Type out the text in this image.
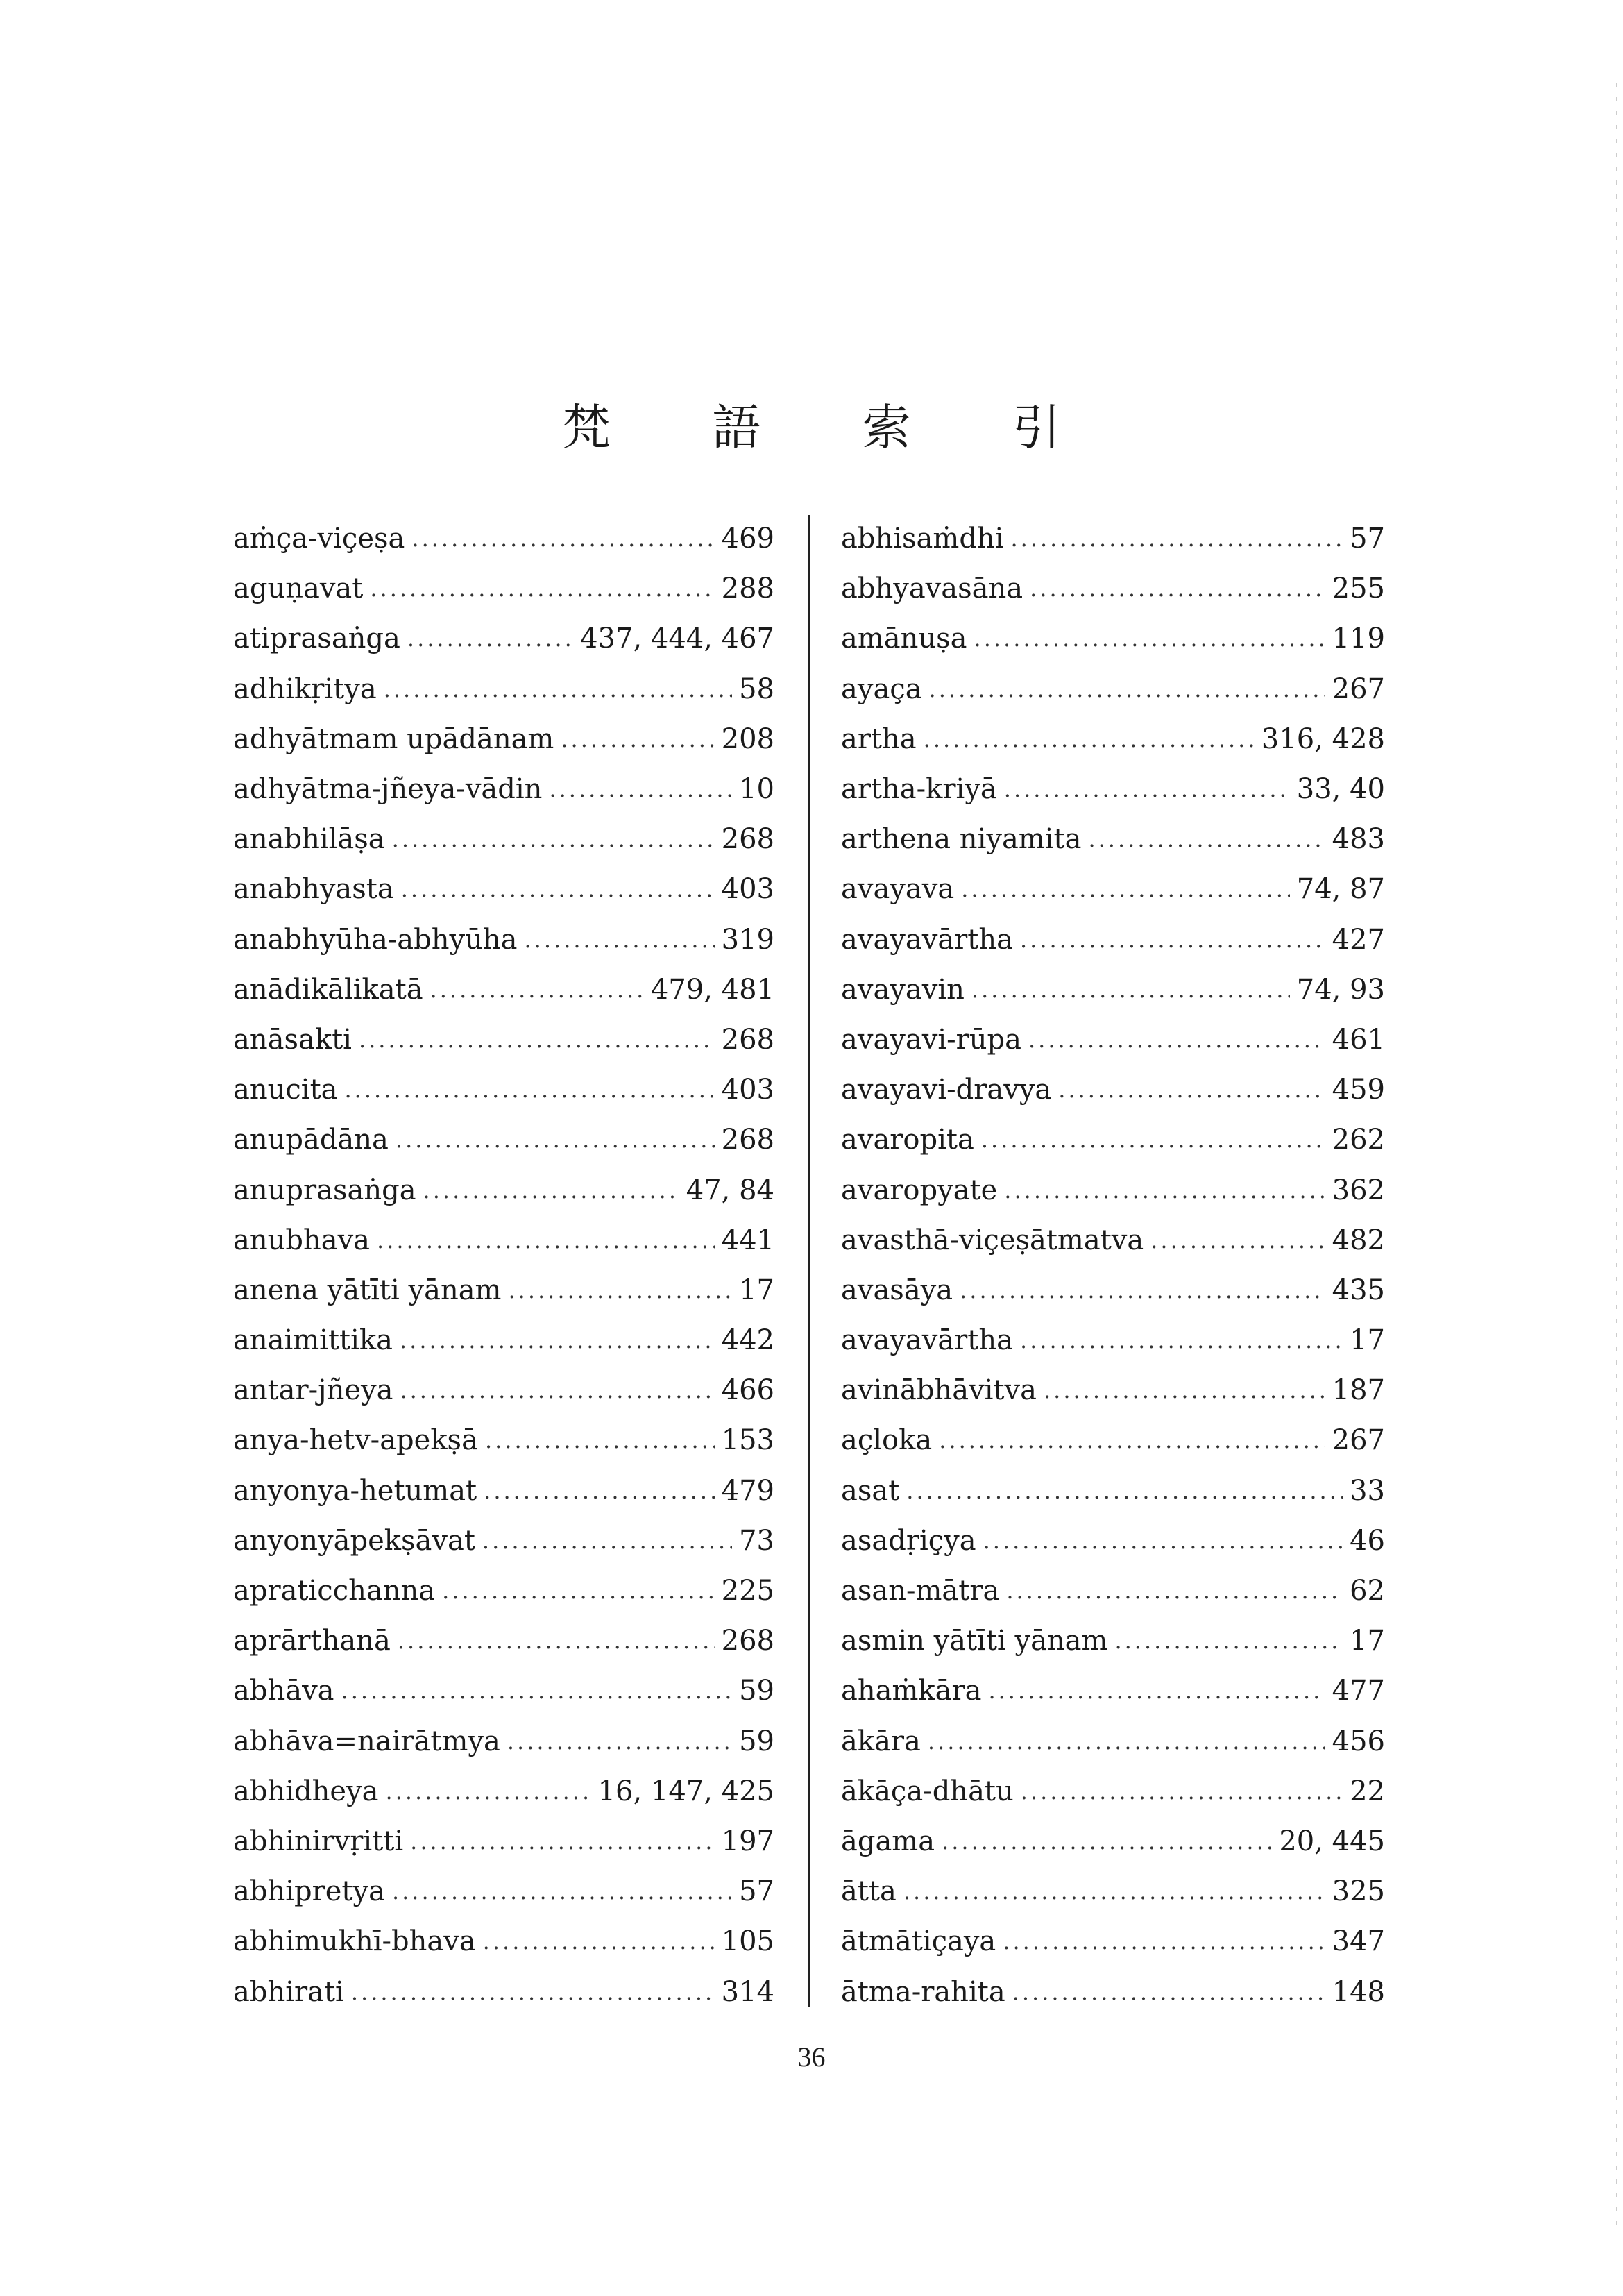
梵 語 索 引
aṁça-viçeṣa .....	469
aguṇavat .....	288
atiprasaṅga .....	437, 444, 467
adhikṛitya .....	58
adhyātmam upādānam .....	208
adhyātma-jñeya-vādin .....	10
anabhilāṣa .....	268
anabhyasta .....	403
anabhyūha-abhyūha .....	319
anādikālikatā .....	479, 481
anāsakti .....	268
anucita .....	403
anupādāna .....	268
anuprasaṅga .....	47, 84
anubhava .....	441
anena yātīti yānam .....	17
anaimittika .....	442
antar-jñeya .....	466
anya-hetv-apekṣā .....	153
anyonya-hetumat .....	479
anyonyāpekṣāvat .....	73
apraticchanna .....	225
aprārthanā .....	268
abhāva .....	59
abhāva=nairātmya .....	59
abhidheya .....	16, 147, 425
abhinirvṛitti .....	197
abhipretya .....	57
abhimukhī-bhava .....	105
abhirati .....	314
abhisaṁdhi .....	57
abhyavasāna .....	255
amānuṣa .....	119
ayaça .....	267
artha .....	316, 428
artha-kriyā .....	33, 40
arthena niyamita .....	483
avayava .....	74, 87
avayavārtha .....	427
avayavin .....	74, 93
avayavi-rūpa .....	461
avayavi-dravya .....	459
avaropita .....	262
avaropyate .....	362
avasthā-viçeṣātmatva .....	482
avasāya .....	435
avayavārtha .....	17
avinābhāvitva .....	187
açloka .....	267
asat .....	33
asadṛiçya .....	46
asan-mātra .....	62
asmin yātīti yānam .....	17
ahaṁkāra .....	477
ākāra .....	456
ākāça-dhātu .....	22
āgama .....	20, 445
ātta .....	325
ātmātiçaya .....	347
ātma-rahita .....	148
36
